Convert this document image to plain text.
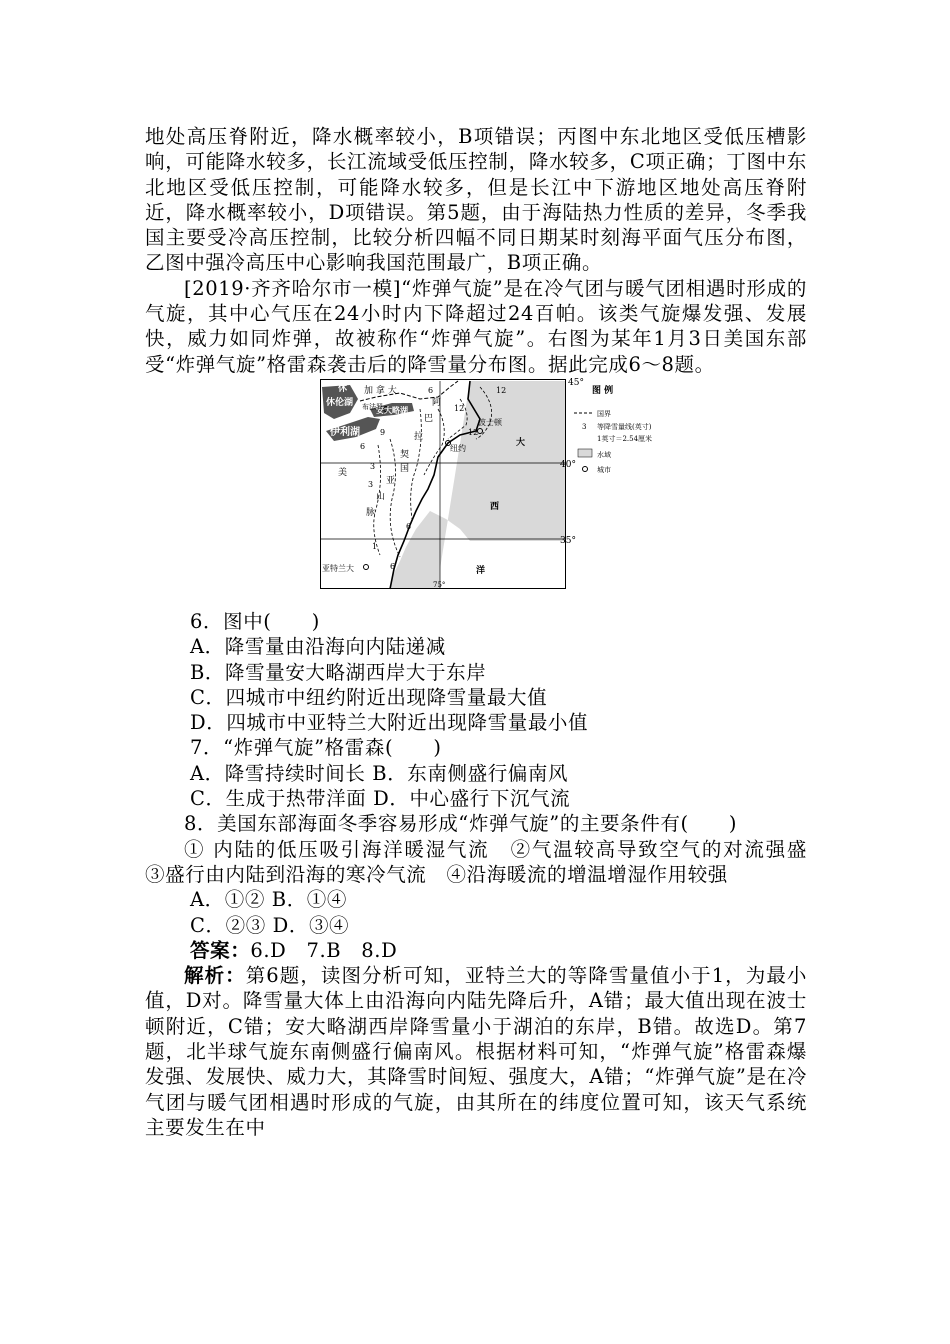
地处高压脊附近，降水概率较小，B项错误；丙图中东北地区受低压槽影响，可能降水较多，长江流域受低压控制，降水较多，C项正确；丁图中东北地区受低压控制，可能降水较多，但是长江中下游地区地处高压脊附近，降水概率较小，D项错误。第5题，由于海陆热力性质的差异，冬季我国主要受冷高压控制，比较分析四幅不同日期某时刻海平面气压分布图，乙图中强冷高压中心影响我国范围最广，B项正确。

[2019·齐齐哈尔市一模]“炸弹气旋”是在冷气团与暖气团相遇时形成的气旋，其中心气压在24小时内下降超过24百帕。该类气旋爆发强、发展快，威力如同炸弹，故被称作“炸弹气旋”。右图为某年1月3日美国东部受“炸弹气旋”格雷森袭击后的降雪量分布图。据此完成6～8题。

45°
40°
35°
75°
休
休伦湖
伊利湖
安大略湖
加 拿 大
布法罗
波士顿
纽约
亚特兰大
阿
巴
拉
契
亚
山
脉
美	国
大
西
洋
12
12
12
6
6
6
6
3
3
1
9
图 例
国界
3 等降雪量线(英寸)
1英寸＝2.54厘米
水域
城市

6．图中(　　)

A．降雪量由沿海向内陆递减

B．降雪量安大略湖西岸大于东岸

C．四城市中纽约附近出现降雪量最大值

D．四城市中亚特兰大附近出现降雪量最小值

7．“炸弹气旋”格雷森(　　)

A．降雪持续时间长 B．东南侧盛行偏南风

C．生成于热带洋面 D．中心盛行下沉气流

8．美国东部海面冬季容易形成“炸弹气旋”的主要条件有(　　)

① 内陆的低压吸引海洋暖湿气流　②气温较高导致空气的对流强盛　③盛行由内陆到沿海的寒冷气流　④沿海暖流的增温增湿作用较强

A．①② B．①④

C．②③ D．③④

答案：6.D　7.B　8.D

解析：第6题，读图分析可知，亚特兰大的等降雪量值小于1，为最小值，D对。降雪量大体上由沿海向内陆先降后升，A错；最大值出现在波士顿附近，C错；安大略湖西岸降雪量小于湖泊的东岸，B错。故选D。第7题，北半球气旋东南侧盛行偏南风。根据材料可知，“炸弹气旋”格雷森爆发强、发展快、威力大，其降雪时间短、强度大，A错；“炸弹气旋”是在冷气团与暖气团相遇时形成的气旋，由其所在的纬度位置可知，该天气系统主要发生在中
